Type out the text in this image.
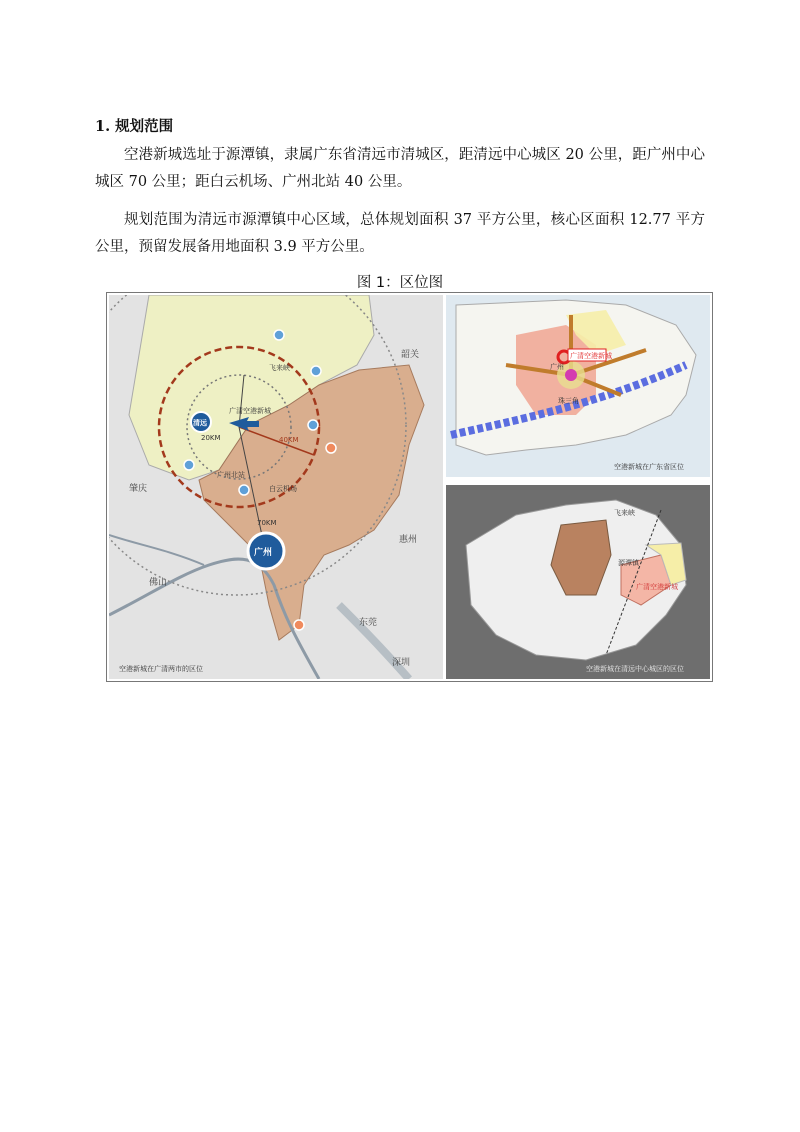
1. 规划范围

空港新城选址于源潭镇，隶属广东省清远市清城区，距清远中心城区 20 公里，距广州中心城区 70 公里；距白云机场、广州北站 40 公里。

规划范围为清远市源潭镇中心区域，总体规划面积 37 平方公里，核心区面积 12.77 平方公里，预留发展备用地面积 3.9 平方公里。

图 1：区位图
韶关
肇庆
佛山
惠州
东莞
深圳
广州
清远
广清空港新城
飞来峡
白云机场
广州北站
20KM	40KM
70KM
空港新城在广清两市的区位
广清空港新城
广州
珠三角
空港新城在广东省区位
广清空港新城
飞来峡
源潭镇
空港新城在清远中心城区的区位
